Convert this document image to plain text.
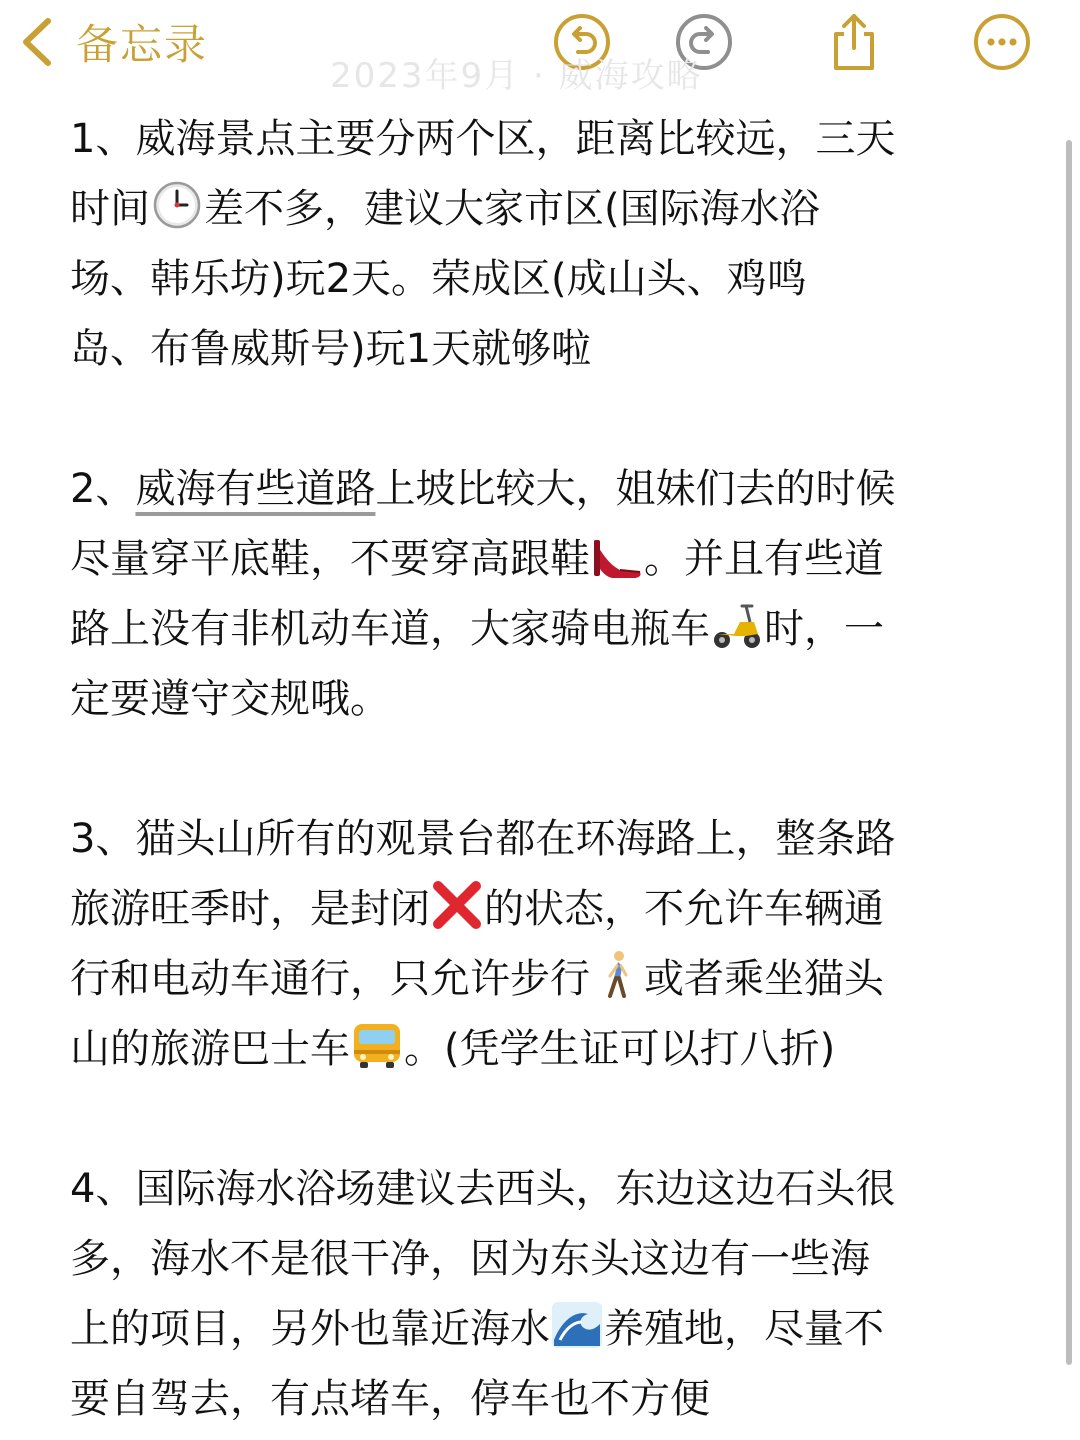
备忘录
2023年9月 · 威海攻略

1、威海景点主要分两个区，距离比较远，三天
时间 差不多，建议大家市区(国际海水浴
场、韩乐坊)玩2天。荣成区(成山头、鸡鸣
岛、布鲁威斯号)玩1天就够啦

2、威海有些道路上坡比较大，姐妹们去的时候
尽量穿平底鞋，不要穿高跟鞋 。并且有些道
路上没有非机动车道，大家骑电瓶车 时，一
定要遵守交规哦。

3、猫头山所有的观景台都在环海路上，整条路
旅游旺季时，是封闭 的状态，不允许车辆通
行和电动车通行，只允许步行 或者乘坐猫头
山的旅游巴士车 。(凭学生证可以打八折)

4、国际海水浴场建议去西头，东边这边石头很
多，海水不是很干净，因为东头这边有一些海
上的项目，另外也靠近海水 养殖地，尽量不
要自驾去，有点堵车，停车也不方便
